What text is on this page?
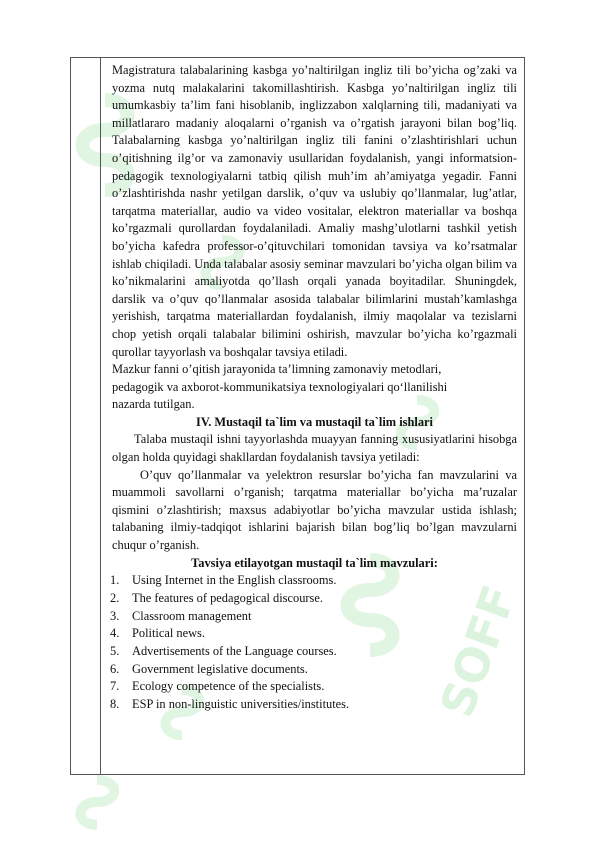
SOFF

Magistratura talabalarining kasbga yo’naltirilgan ingliz tili bo’yicha og’zaki va yozma nutq malakalarini takomillashtirish. Kasbga yo’naltirilgan ingliz tili umumkasbiy ta’lim fani hisoblanib, inglizzabon xalqlarning tili, madaniyati va millatlararo madaniy aloqalarni o’rganish va o’rgatish jarayoni bilan bog’liq. Talabalarning kasbga yo’naltirilgan ingliz tili fanini o’zlashtirishlari uchun o’qitishning ilg’or va zamonaviy usullaridan foydalanish, yangi informatsion-pedagogik texnologiyalarni tatbiq qilish muh’im ah’amiyatga yegadir. Fanni o’zlashtirishda nashr yetilgan darslik, o’quv va uslubiy qo’llanmalar, lug’atlar, tarqatma materiallar, audio va video vositalar, elektron materiallar va boshqa ko’rgazmali qurollardan foydalaniladi. Amaliy mashg’ulotlarni tashkil yetish bo’yicha kafedra professor-o’qituvchilari tomonidan tavsiya va ko’rsatmalar ishlab chiqiladi. Unda talabalar asosiy seminar mavzulari bo’yicha olgan bilim va ko’nikmalarini amaliyotda qo’llash orqali yanada boyitadilar. Shuningdek, darslik va o’quv qo’llanmalar asosida talabalar bilimlarini mustah’kamlashga yerishish, tarqatma materiallardan foydalanish, ilmiy maqolalar va tezislarni chop yetish orqali talabalar bilimini oshirish, mavzular bo’yicha ko’rgazmali qurollar tayyorlash va boshqalar tavsiya etiladi.

Mazkur fanni o’qitish jarayonida ta’limning zamonaviy metodlari,

pedagogik va axborot-kommunikatsiya texnologiyalari qo‘llanilishi

nazarda tutilgan.

IV. Mustaqil ta`lim va mustaqil ta`lim ishlari

Talaba mustaqil ishni tayyorlashda muayyan fanning xususiyatlarini hisobga olgan holda quyidagi shakllardan foydalanish tavsiya yetiladi:

O’quv qo’llanmalar va yelektron resurslar bo’yicha fan mavzularini va muammoli savollarni o’rganish; tarqatma materiallar bo’yicha ma’ruzalar qismini o’zlashtirish; maxsus adabiyotlar bo’yicha mavzular ustida ishlash; talabaning ilmiy-tadqiqot ishlarini bajarish bilan bog’liq bo’lgan mavzularni chuqur o’rganish.

Tavsiya etilayotgan mustaqil ta`lim mavzulari:

1.	Using Internet in the English classrooms.
2.	The features of pedagogical discourse.
3.	Classroom management
4.	Political news.
5.	Advertisements of the Language courses.
6.	Government legislative documents.
7.	Ecology competence of the specialists.
8.	ESP in non-linguistic universities/institutes.
